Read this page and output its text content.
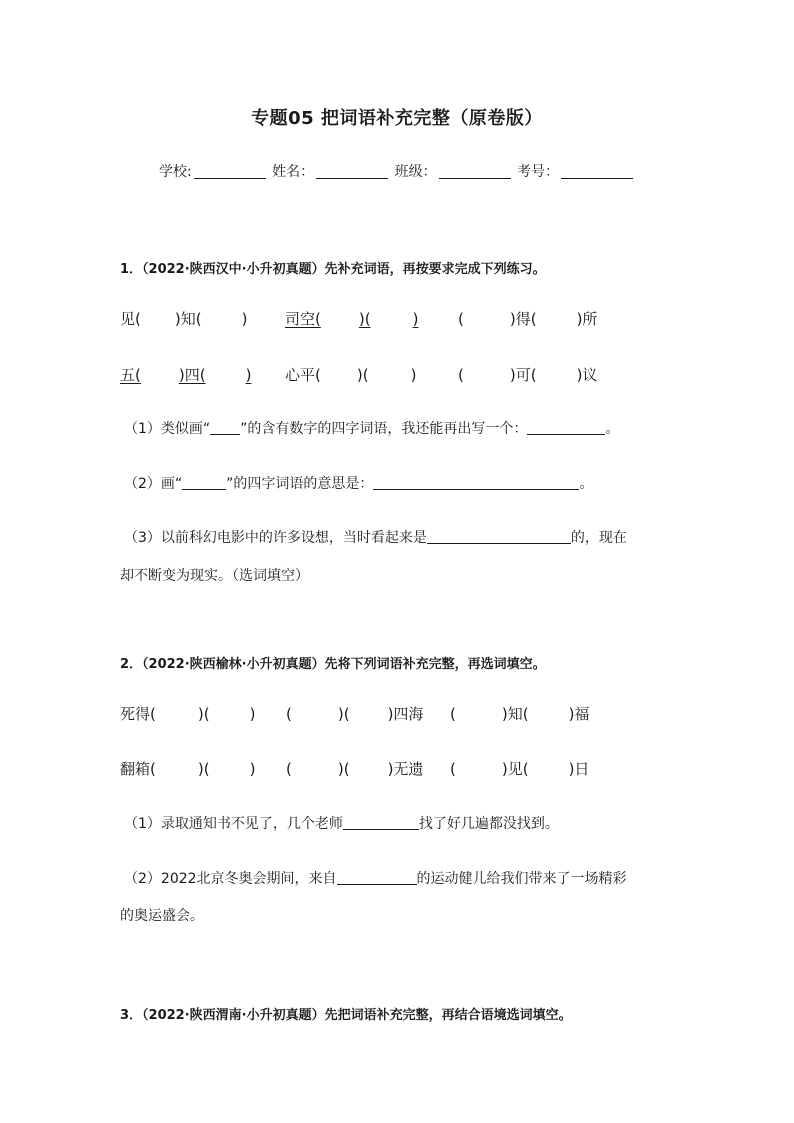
专题05 把词语补充完整（原卷版）
学校:	姓名：	班级：	考号：
1．（2022·陕西汉中·小升初真题）先补充词语，再按要求完成下列练习。
见( )知(	)	司空(	)(	)	(	)得(	)所
五(	)四(	) 心平( )(	)	(	)可(	)议
（1）类似画“ ”的含有数字的四字词语，我还能再出写一个：	。
（2）画“	”的四字词语的意思是：	。
（3）以前科幻电影中的许多设想，当时看起来是	的，现在
却不断变为现实。（选词填空）
2．（2022·陕西榆林·小升初真题）先将下列词语补充完整，再选词填空。
死得(	)(	) (	)(	)四海 (	)知(	)福
翻箱(	)(	) (	)(	)无遗 (	)见(	)日
（1）录取通知书不见了，几个老师	找了好几遍都没找到。
（2）2022北京冬奥会期间，来自	的运动健儿给我们带来了一场精彩
的奥运盛会。
3．（2022·陕西渭南·小升初真题）先把词语补充完整，再结合语境选词填空。
